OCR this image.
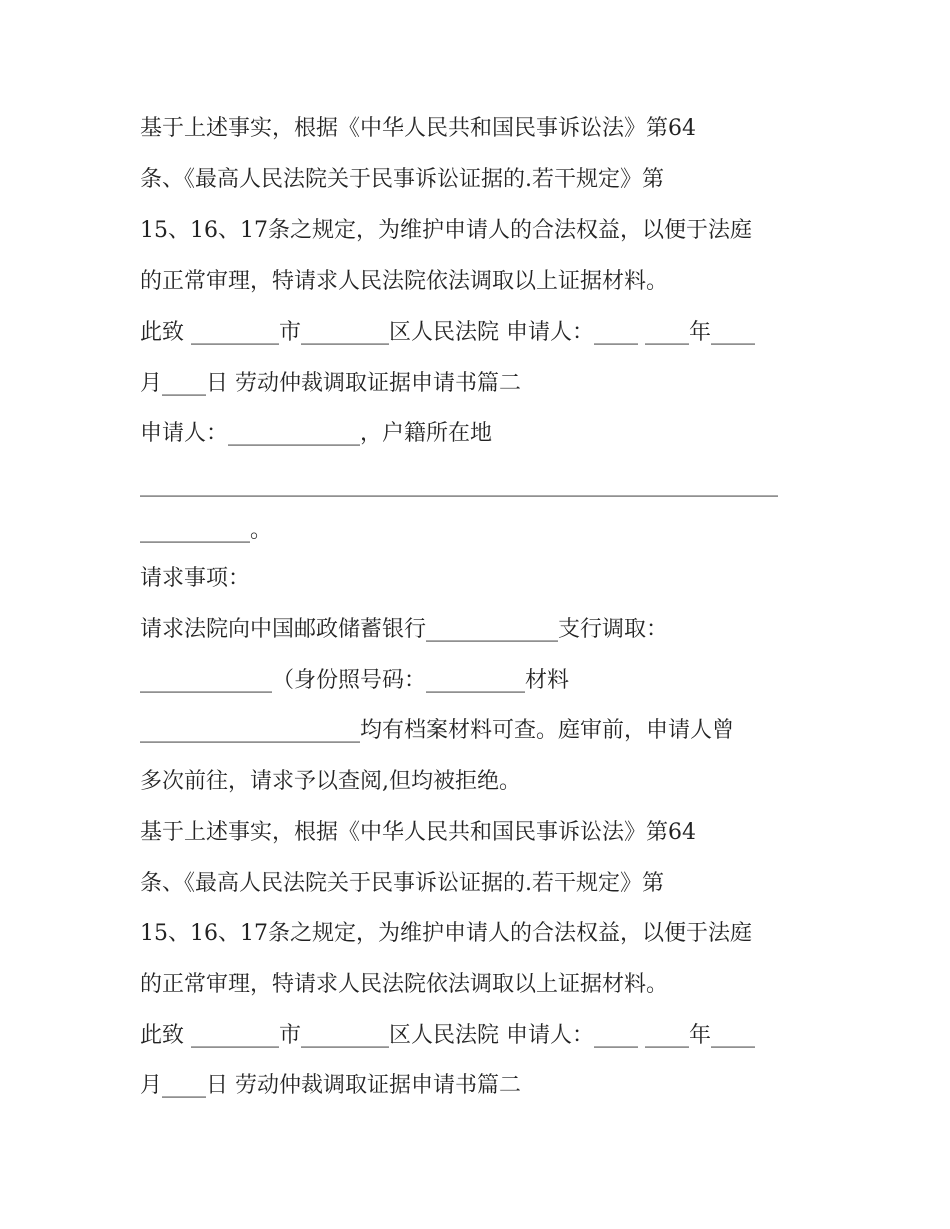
基于上述事实，根据《中华人民共和国民事诉讼法》第64
条、《最高人民法院关于民事诉讼证据的.若干规定》第
15、16、17条之规定，为维护申请人的合法权益，以便于法庭
的正常审理，特请求人民法院依法调取以上证据材料。
此致 ________市________区人民法院 申请人：____ ____年____
月____日 劳动仲裁调取证据申请书篇二
申请人：____________，户籍所在地
__________________________________________________________
__________。
请求事项：
请求法院向中国邮政储蓄银行____________支行调取：
____________（身份照号码：_________材料
____________________均有档案材料可查。庭审前，申请人曾
多次前往，请求予以查阅,但均被拒绝。
基于上述事实，根据《中华人民共和国民事诉讼法》第64
条、《最高人民法院关于民事诉讼证据的.若干规定》第
15、16、17条之规定，为维护申请人的合法权益，以便于法庭
的正常审理，特请求人民法院依法调取以上证据材料。
此致 ________市________区人民法院 申请人：____ ____年____
月____日 劳动仲裁调取证据申请书篇二
